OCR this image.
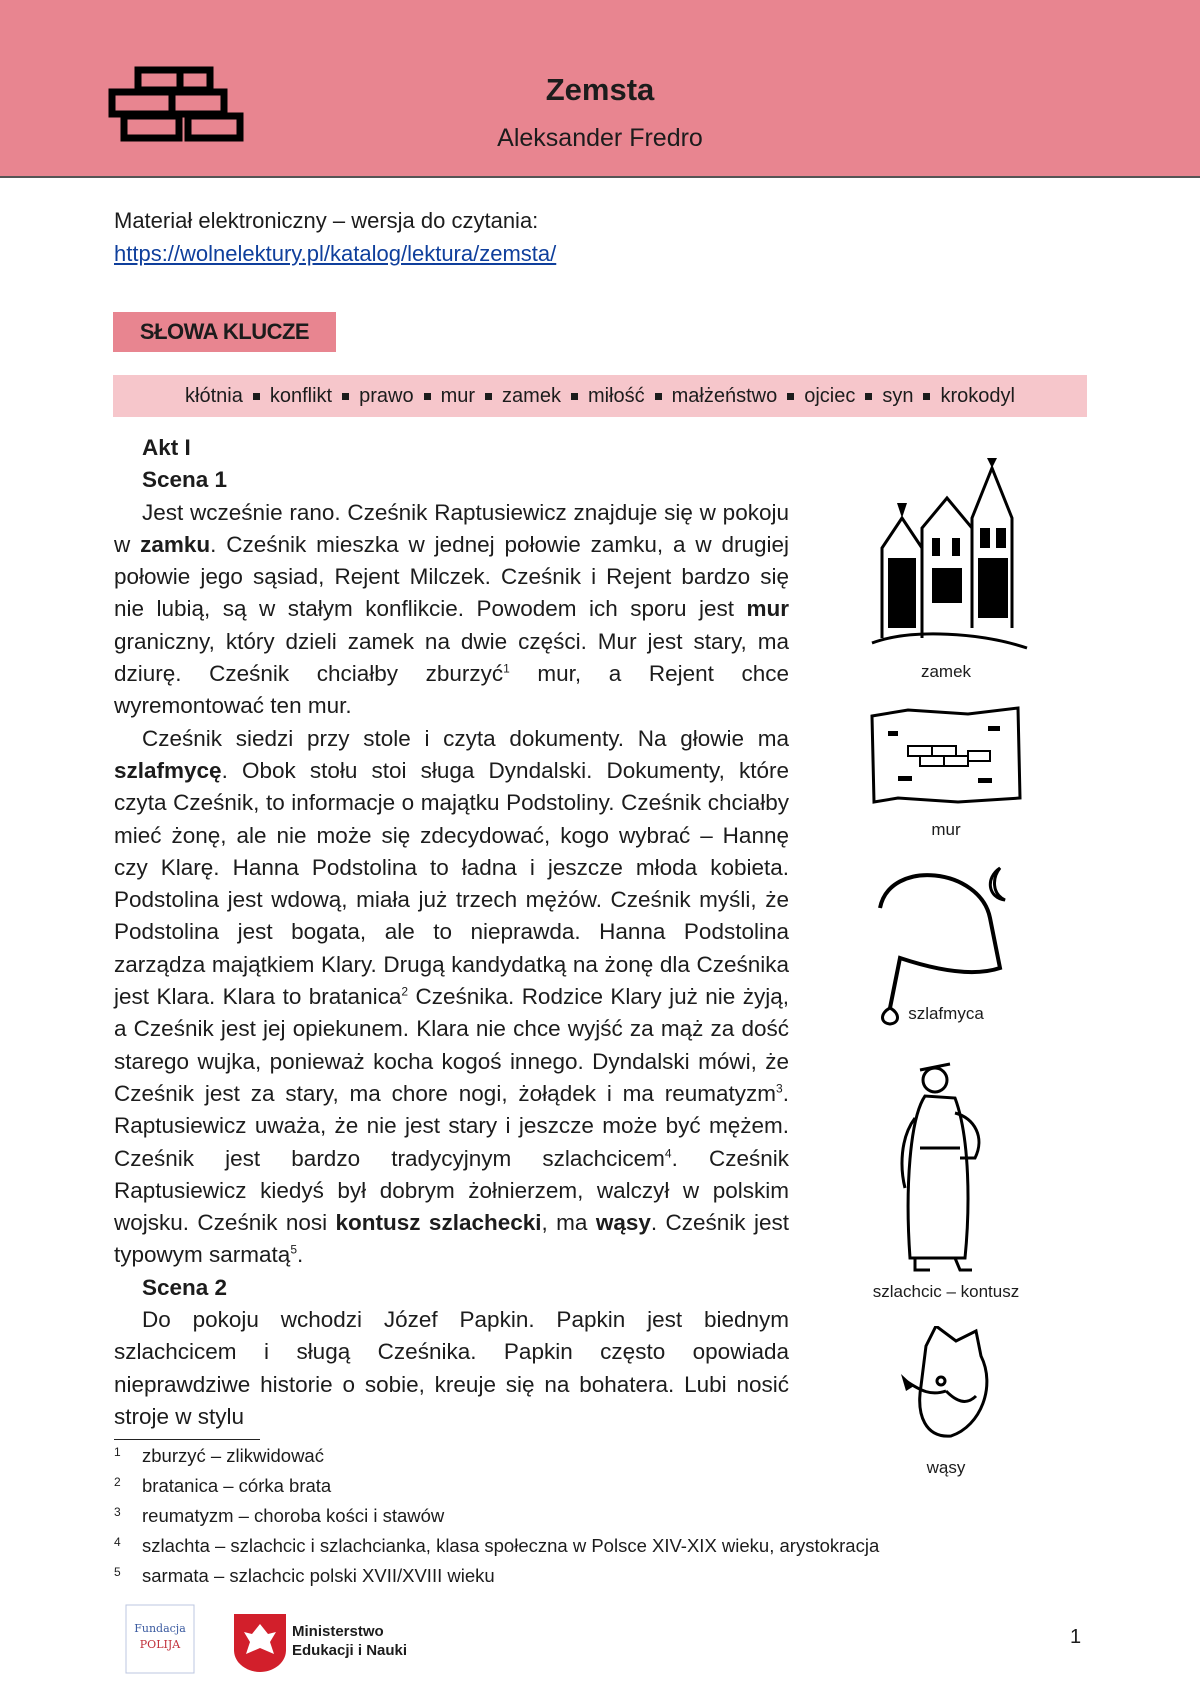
Zemsta
Aleksander Fredro
Materiał elektroniczny – wersja do czytania:
https://wolnelektury.pl/katalog/lektura/zemsta/
SŁOWA KLUCZE
kłótnia konflikt prawo mur zamek miłość małżeństwo ojciec syn krokodyl
Akt I
Scena 1

Jest wcześnie rano. Cześnik Raptusiewicz znajduje się w pokoju w zamku. Cześnik mieszka w jednej połowie zamku, a w drugiej połowie jego sąsiad, Rejent Milczek. Cześnik i Rejent bardzo się nie lubią, są w stałym konflikcie. Powodem ich sporu jest mur graniczny, który dzieli zamek na dwie części. Mur jest stary, ma dziurę. Cześnik chciałby zburzyć$^1$ mur, a Rejent chce wyremontować ten mur.

Cześnik siedzi przy stole i czyta dokumenty. Na głowie ma szlafmycę. Obok stołu stoi sługa Dyndalski. Dokumenty, które czyta Cześnik, to informacje o majątku Podstoliny. Cześnik chciałby mieć żonę, ale nie może się zdecydować, kogo wybrać – Hannę czy Klarę. Hanna Podstolina to ładna i jeszcze młoda kobieta. Podstolina jest wdową, miała już trzech mężów. Cześnik myśli, że Podstolina jest bogata, ale to nieprawda. Hanna Podstolina zarządza majątkiem Klary. Drugą kandydatką na żonę dla Cześnika jest Klara. Klara to bratanica$^2$ Cześnika. Rodzice Klary już nie żyją, a Cześnik jest jej opiekunem. Klara nie chce wyjść za mąż za dość starego wujka, ponieważ kocha kogoś innego. Dyndalski mówi, że Cześnik jest za stary, ma chore nogi, żołądek i ma reumatyzm$^3$. Raptusiewicz uważa, że nie jest stary i jeszcze może być mężem. Cześnik jest bardzo tradycyjnym szlachcicem$^4$. Cześnik Raptusiewicz kiedyś był dobrym żołnierzem, walczył w polskim wojsku. Cześnik nosi kontusz szlachecki, ma wąsy. Cześnik jest typowym sarmatą$^5$.

Scena 2

Do pokoju wchodzi Józef Papkin. Papkin jest biednym szlachcicem i sługą Cześnika. Papkin często opowiada nieprawdziwe historie o sobie, kreuje się na bohatera. Lubi nosić stroje w stylu

zamek
mur
szlafmyca
szlachcic – kontusz
wąsy
1 zburzyć – zlikwidować
2 bratanica – córka brata
3 reumatyzm – choroba kości i stawów
4 szlachta – szlachcic i szlachcianka, klasa społeczna w Polsce XIV-XIX wieku, arystokracja
5 sarmata – szlachcic polski XVII/XVIII wieku
Fundacja
POLIJA
Ministerstwo
Edukacji i Nauki
1
